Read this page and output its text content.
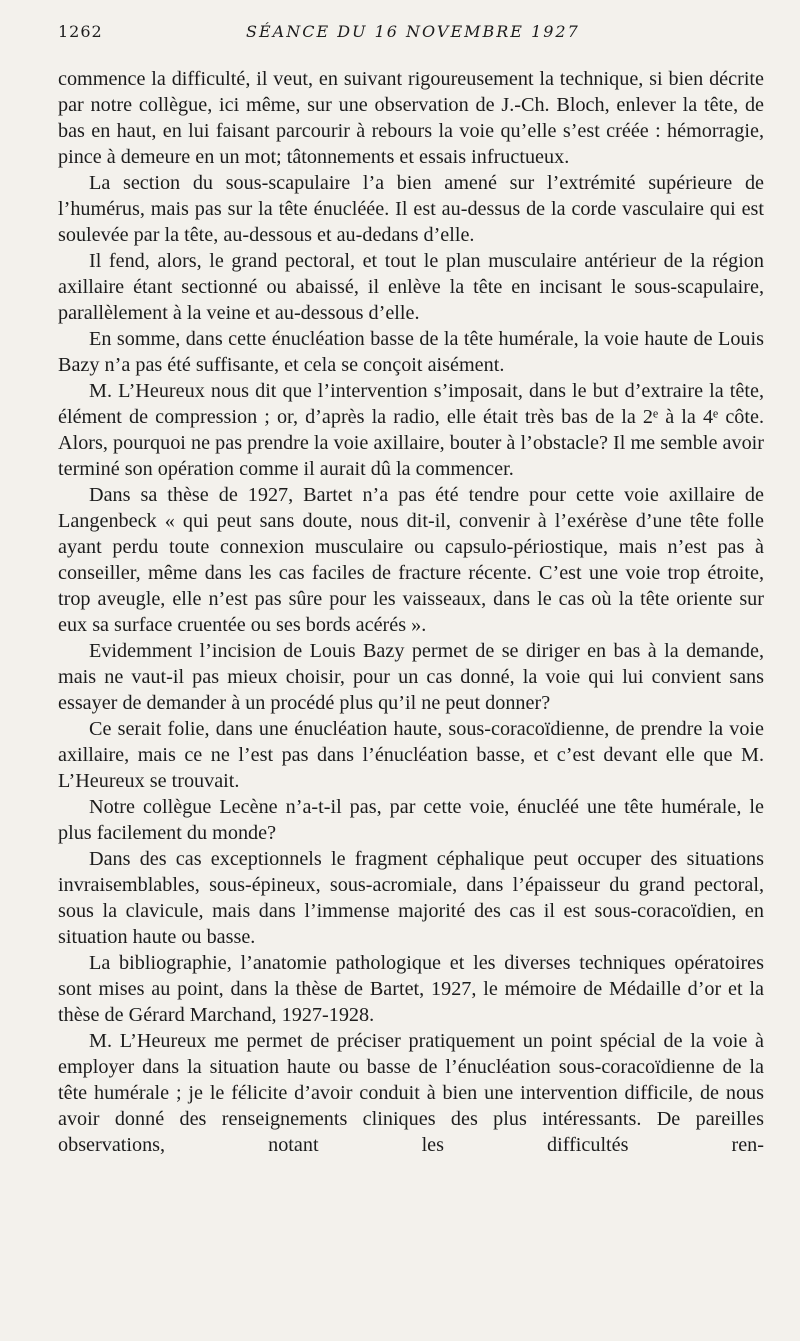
1262	SÉANCE DU 16 NOVEMBRE 1927

commence la difficulté, il veut, en suivant rigoureusement la technique, si bien décrite par notre collègue, ici même, sur une observation de J.-Ch. Bloch, enlever la tête, de bas en haut, en lui faisant parcourir à rebours la voie qu’elle s’est créée : hémorragie, pince à demeure en un mot; tâtonnements et essais infructueux.

La section du sous-scapulaire l’a bien amené sur l’extrémité supérieure de l’humérus, mais pas sur la tête énucléée. Il est au-dessus de la corde vasculaire qui est soulevée par la tête, au-dessous et au-dedans d’elle.

Il fend, alors, le grand pectoral, et tout le plan musculaire antérieur de la région axillaire étant sectionné ou abaissé, il enlève la tête en incisant le sous-scapulaire, parallèlement à la veine et au-dessous d’elle.

En somme, dans cette énucléation basse de la tête humérale, la voie haute de Louis Bazy n’a pas été suffisante, et cela se conçoit aisément.

M. L’Heureux nous dit que l’intervention s’imposait, dans le but d’extraire la tête, élément de compression ; or, d’après la radio, elle était très bas de la 2ᵉ à la 4ᵉ côte. Alors, pourquoi ne pas prendre la voie axillaire, bouter à l’obstacle? Il me semble avoir terminé son opération comme il aurait dû la commencer.

Dans sa thèse de 1927, Bartet n’a pas été tendre pour cette voie axillaire de Langenbeck « qui peut sans doute, nous dit-il, convenir à l’exérèse d’une tête folle ayant perdu toute connexion musculaire ou capsulo-périostique, mais n’est pas à conseiller, même dans les cas faciles de fracture récente. C’est une voie trop étroite, trop aveugle, elle n’est pas sûre pour les vaisseaux, dans le cas où la tête oriente sur eux sa surface cruentée ou ses bords acérés ».

Evidemment l’incision de Louis Bazy permet de se diriger en bas à la demande, mais ne vaut-il pas mieux choisir, pour un cas donné, la voie qui lui convient sans essayer de demander à un procédé plus qu’il ne peut donner?

Ce serait folie, dans une énucléation haute, sous-coracoïdienne, de prendre la voie axillaire, mais ce ne l’est pas dans l’énucléation basse, et c’est devant elle que M. L’Heureux se trouvait.

Notre collègue Lecène n’a-t-il pas, par cette voie, énucléé une tête humérale, le plus facilement du monde?

Dans des cas exceptionnels le fragment céphalique peut occuper des situations invraisemblables, sous-épineux, sous-acromiale, dans l’épaisseur du grand pectoral, sous la clavicule, mais dans l’immense majorité des cas il est sous-coracoïdien, en situation haute ou basse.

La bibliographie, l’anatomie pathologique et les diverses techniques opératoires sont mises au point, dans la thèse de Bartet, 1927, le mémoire de Médaille d’or et la thèse de Gérard Marchand, 1927-1928.

M. L’Heureux me permet de préciser pratiquement un point spécial de la voie à employer dans la situation haute ou basse de l’énucléation sous-coracoïdienne de la tête humérale ; je le félicite d’avoir conduit à bien une intervention difficile, de nous avoir donné des renseignements cliniques des plus intéressants. De pareilles observations, notant les difficultés ren-
